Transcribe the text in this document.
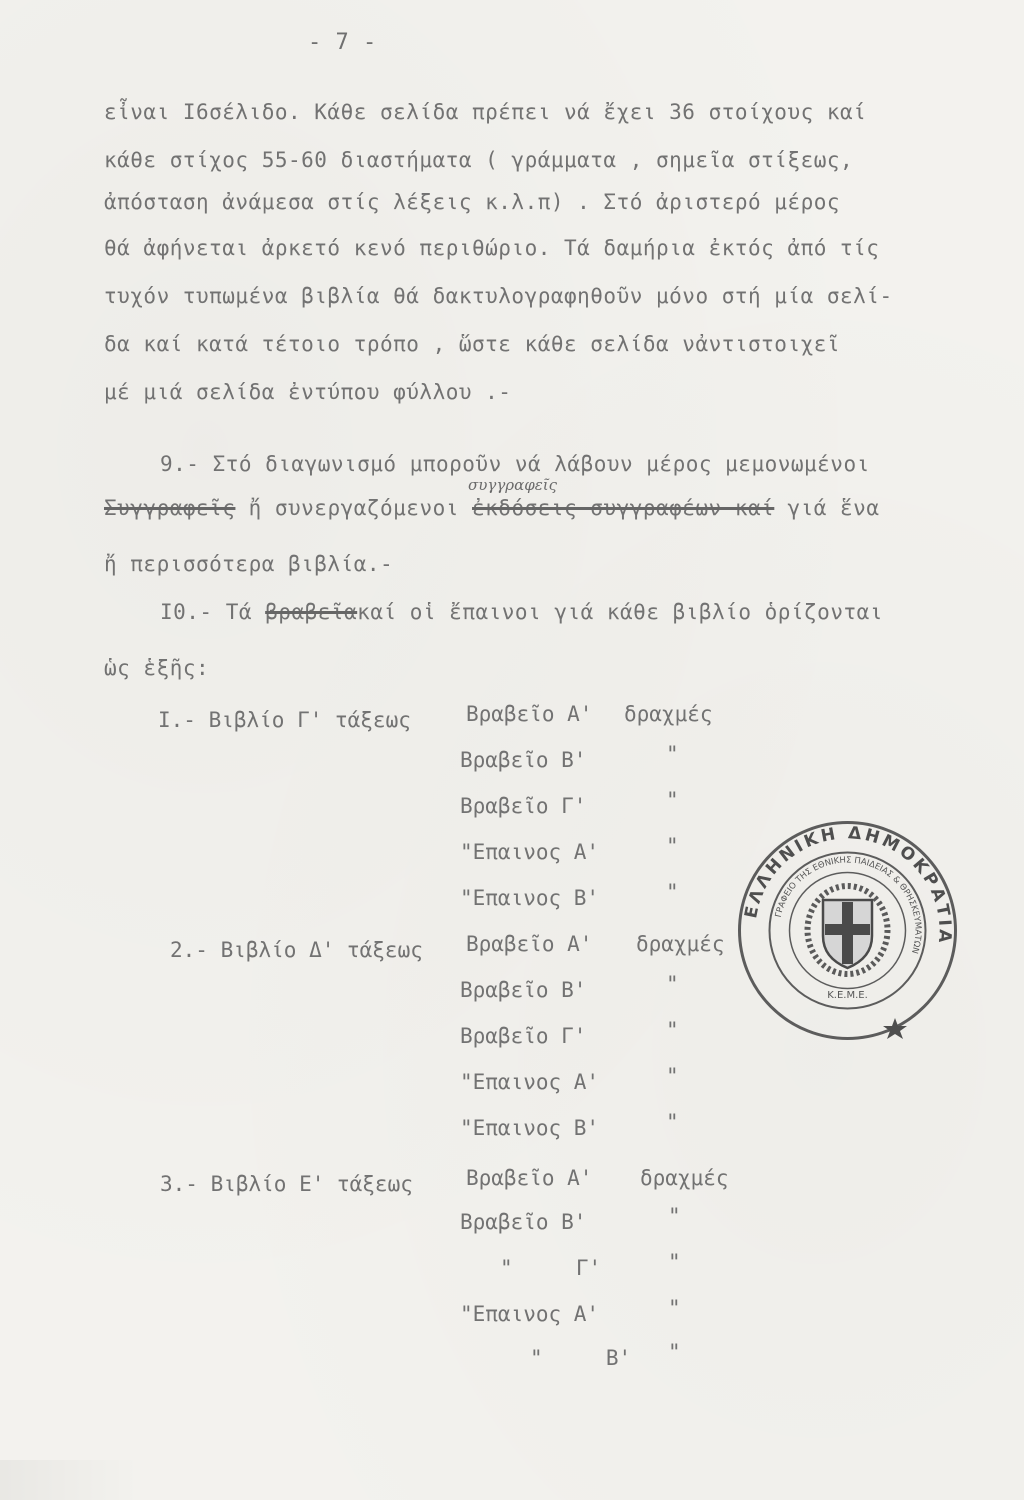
- 7 -
εἶναι I6σέλιδο. Κάθε σελίδα πρέπει νά ἔχει 36 στοίχους καί
κάθε στίχος 55-60 διαστήματα ( γράμματα , σημεῖα στίξεως,
ἀπόσταση ἀνάμεσα στίς λέξεις κ.λ.π) . Στό ἀριστερό μέρος
θά ἀφήνεται ἀρκετό κενό περιθώριο. Τά δαμήρια ἐκτός ἀπό τίς
τυχόν τυπωμένα βιβλία θά δακτυλογραφηθοῦν μόνο στή μία σελί-
δα καί κατά τέτοιο τρόπο , ὥστε κάθε σελίδα νἀντιστοιχεῖ
μέ μιά σελίδα ἐντύπου φύλλου .-
9.- Στό διαγωνισμό μποροῦν νά λάβουν μέρος μεμονωμένοι
συγγραφεῖς
Συγγραφεῖς ἤ συνεργαζόμενοι ἐκδόσεις-συγγραφέων καί γιά ἕνα
ἤ περισσότερα βιβλία.-
I0.- Τά βραβεῖακαί οἱ ἔπαινοι γιά κάθε βιβλίο ὁρίζονται
ὡς ἑξῆς:
I.- Βιβλίο Γ' τάξεως	Βραβεῖο Α' δραχμές
Βραβεῖο Β'	"
Βραβεῖο Γ'	"
"Επαινος Α'	"
"Επαινος Β'	"
2.- Βιβλίο Δ' τάξεως Βραβεῖο Α' δραχμές
Βραβεῖο Β'	"
Βραβεῖο Γ'	"
"Επαινος Α'	"
"Επαινος Β'	"
3.- Βιβλίο Ε' τάξεως	Βραβεῖο Α' δραχμές
Βραβεῖο Β'	"
"     Γ'	"
"Επαινος Α'	"
"     Β' "
ΕΛΛΗΝΙΚΗ ΔΗΜΟΚΡΑΤΙΑ
ΓΡΑΦΕΙΟ ΤΗΣ ΕΘΝΙΚΗΣ ΠΑΙΔΕΙΑΣ & ΘΡΗΣΚΕΥΜΑΤΩΝ
Κ.Ε.Μ.Ε.
